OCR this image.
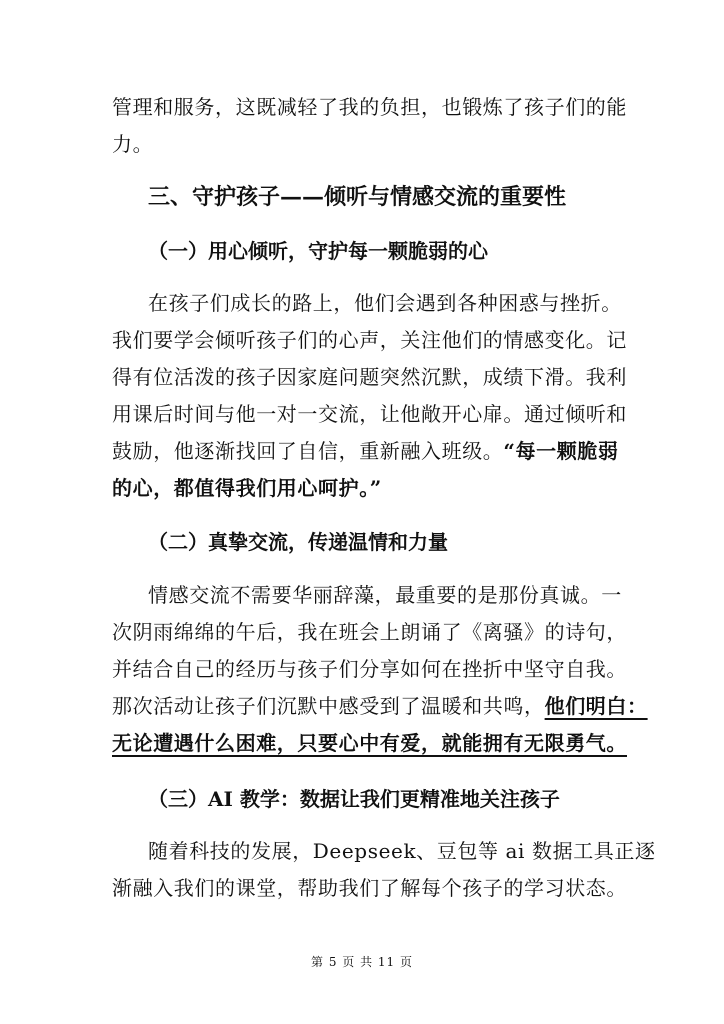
管理和服务，这既减轻了我的负担，也锻炼了孩子们的能
力。
三、守护孩子——倾听与情感交流的重要性
（一）用心倾听，守护每一颗脆弱的心
在孩子们成长的路上，他们会遇到各种困惑与挫折。
我们要学会倾听孩子们的心声，关注他们的情感变化。记
得有位活泼的孩子因家庭问题突然沉默，成绩下滑。我利
用课后时间与他一对一交流，让他敞开心扉。通过倾听和
鼓励，他逐渐找回了自信，重新融入班级。“每一颗脆弱
的心，都值得我们用心呵护。”
（二）真挚交流，传递温情和力量
情感交流不需要华丽辞藻，最重要的是那份真诚。一
次阴雨绵绵的午后，我在班会上朗诵了《离骚》的诗句，
并结合自己的经历与孩子们分享如何在挫折中坚守自我。
那次活动让孩子们沉默中感受到了温暖和共鸣，他们明白：
无论遭遇什么困难，只要心中有爱，就能拥有无限勇气。
（三）AI 教学：数据让我们更精准地关注孩子
随着科技的发展，Deepseek、豆包等 ai 数据工具正逐
渐融入我们的课堂，帮助我们了解每个孩子的学习状态。
第 5 页 共 11 页
